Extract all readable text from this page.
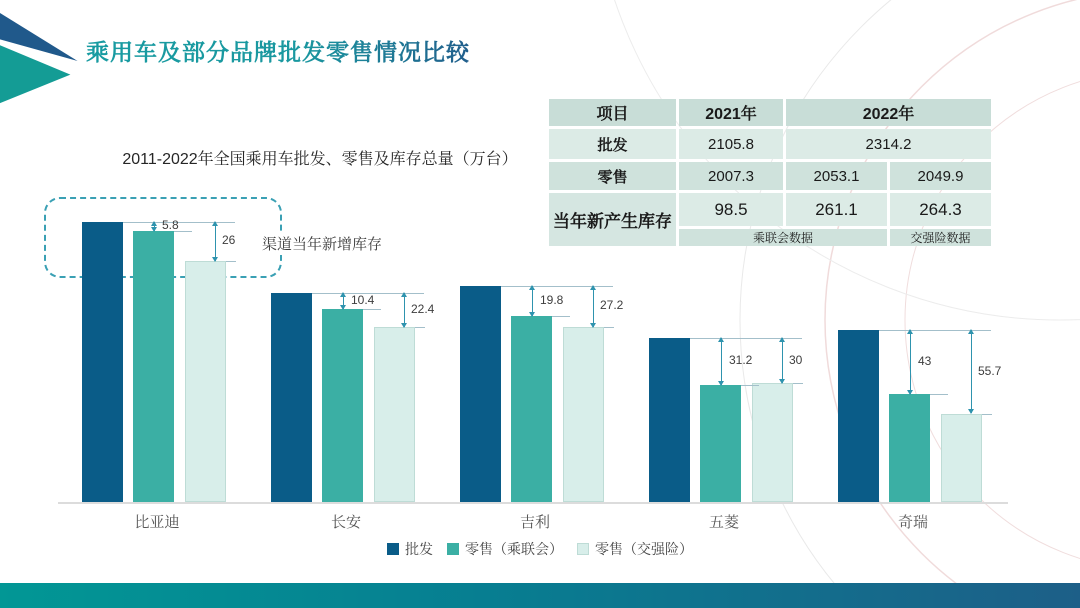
乘用车及部分品牌批发零售情况比较
2011-2022年全国乘用车批发、零售及库存总量（万台）
渠道当年新增库存
比亚迪
5.8
26
长安
10.4
22.4
吉利
19.8	27.2
五菱
31.2	30
奇瑞
43
55.7
批发 零售（乘联会） 零售（交强险）
项目	2021年	2022年	
批发	2105.8	2314.2	
零售	2007.3	2053.1	2049.9
当年新产生库存	98.5	261.1	264.3
	乘联会数据		交强险数据
